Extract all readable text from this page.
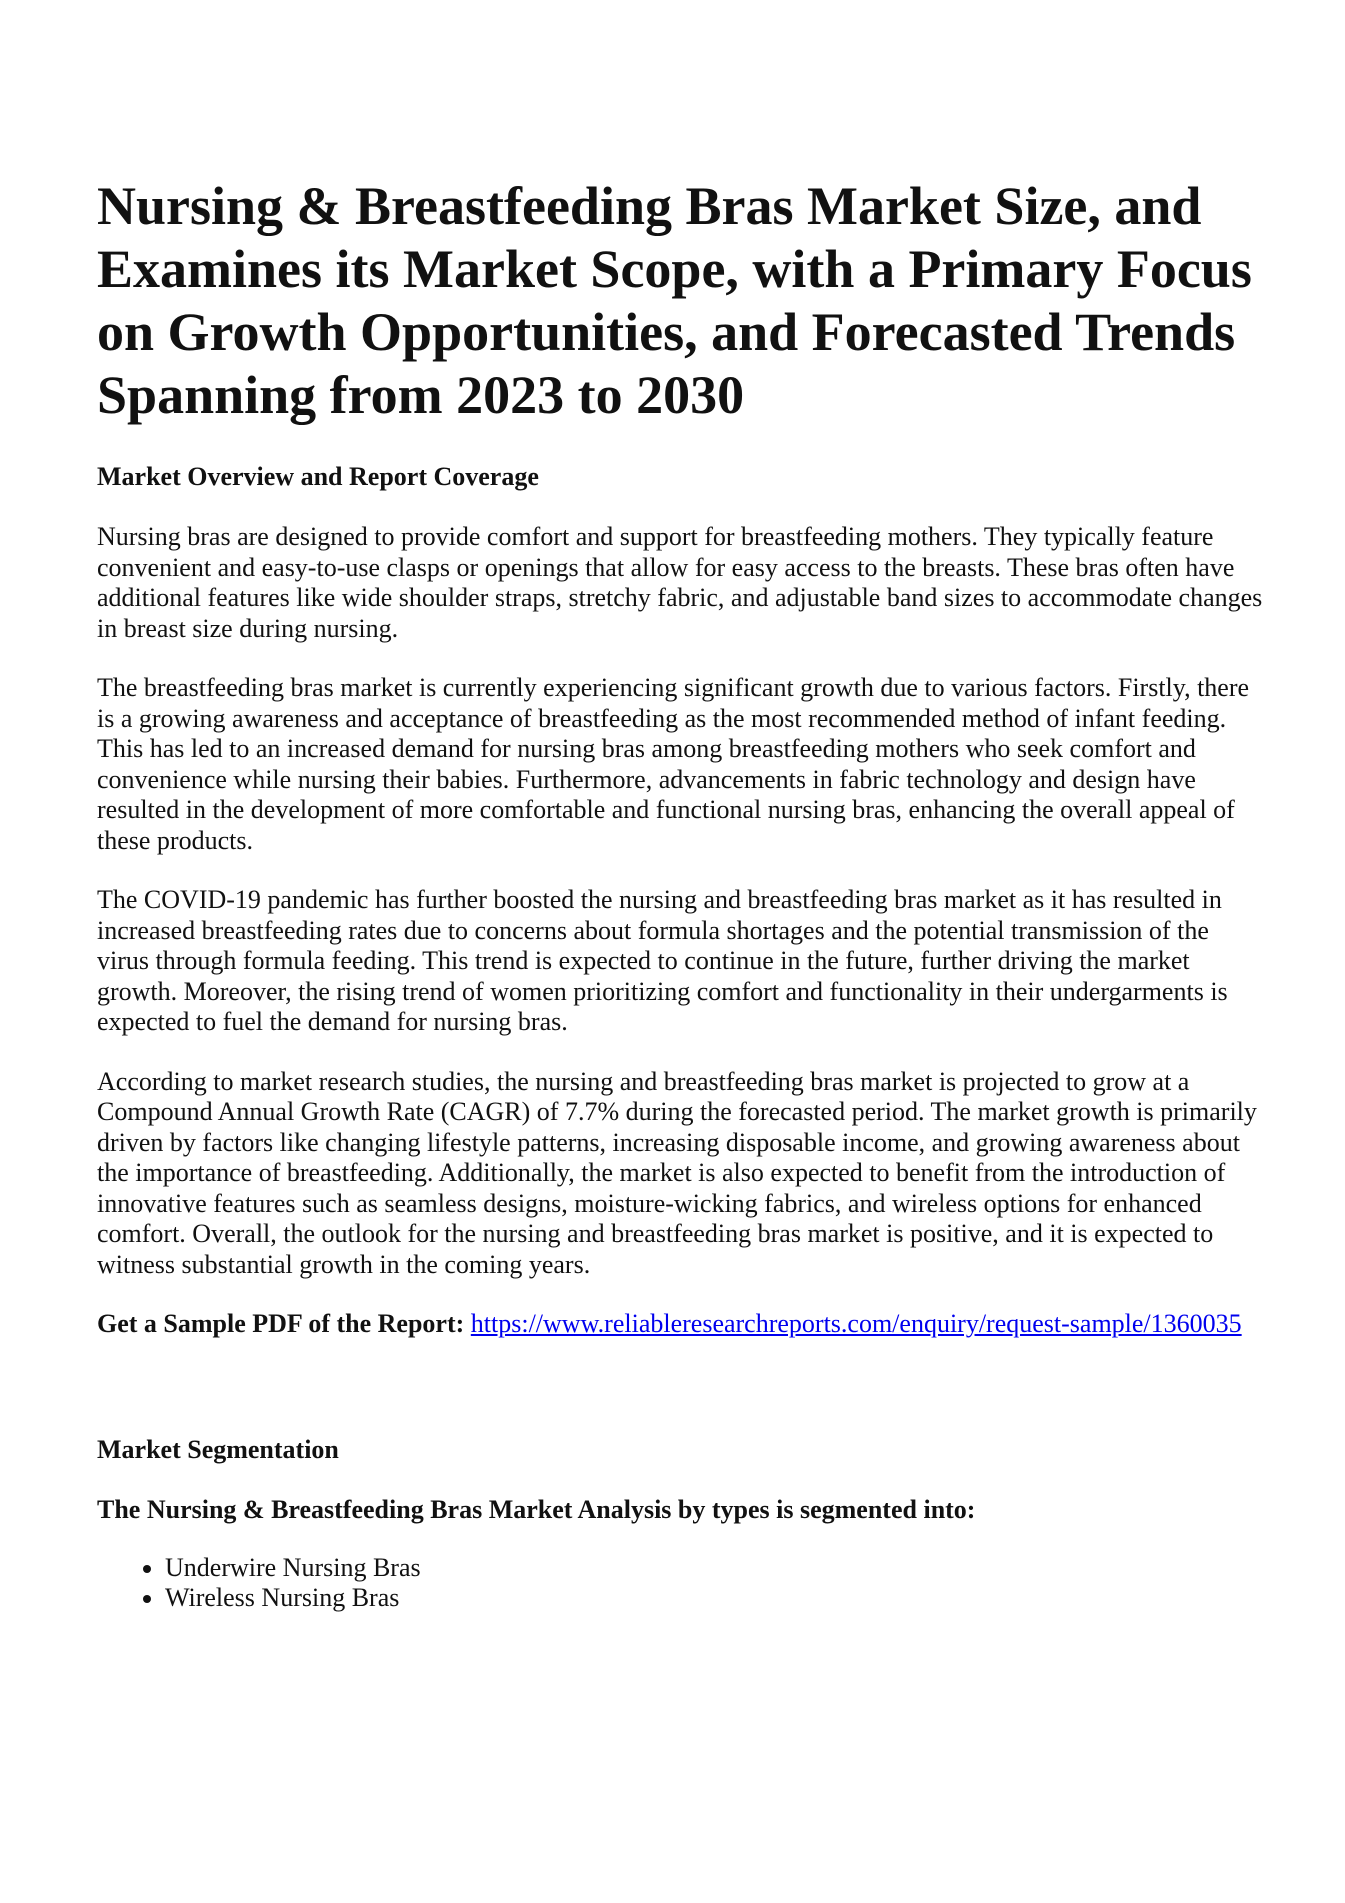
Nursing & Breastfeeding Bras Market Size, and Examines its Market Scope, with a Primary Focus on Growth Opportunities, and Forecasted Trends Spanning from 2023 to 2030
Market Overview and Report Coverage

Nursing bras are designed to provide comfort and support for breastfeeding mothers. They typically feature convenient and easy-to-use clasps or openings that allow for easy access to the breasts. These bras often have additional features like wide shoulder straps, stretchy fabric, and adjustable band sizes to accommodate changes in breast size during nursing.

The breastfeeding bras market is currently experiencing significant growth due to various factors. Firstly, there is a growing awareness and acceptance of breastfeeding as the most recommended method of infant feeding. This has led to an increased demand for nursing bras among breastfeeding mothers who seek comfort and convenience while nursing their babies. Furthermore, advancements in fabric technology and design have resulted in the development of more comfortable and functional nursing bras, enhancing the overall appeal of these products.

The COVID-19 pandemic has further boosted the nursing and breastfeeding bras market as it has resulted in increased breastfeeding rates due to concerns about formula shortages and the potential transmission of the virus through formula feeding. This trend is expected to continue in the future, further driving the market growth. Moreover, the rising trend of women prioritizing comfort and functionality in their undergarments is expected to fuel the demand for nursing bras.

According to market research studies, the nursing and breastfeeding bras market is projected to grow at a Compound Annual Growth Rate (CAGR) of 7.7% during the forecasted period. The market growth is primarily driven by factors like changing lifestyle patterns, increasing disposable income, and growing awareness about the importance of breastfeeding. Additionally, the market is also expected to benefit from the introduction of innovative features such as seamless designs, moisture-wicking fabrics, and wireless options for enhanced comfort. Overall, the outlook for the nursing and breastfeeding bras market is positive, and it is expected to witness substantial growth in the coming years.

Get a Sample PDF of the Report: https://www.reliableresearchreports.com/enquiry/request-sample/1360035

Market Segmentation
The Nursing & Breastfeeding Bras Market Analysis by types is segmented into:
• Underwire Nursing Bras
• Wireless Nursing Bras
